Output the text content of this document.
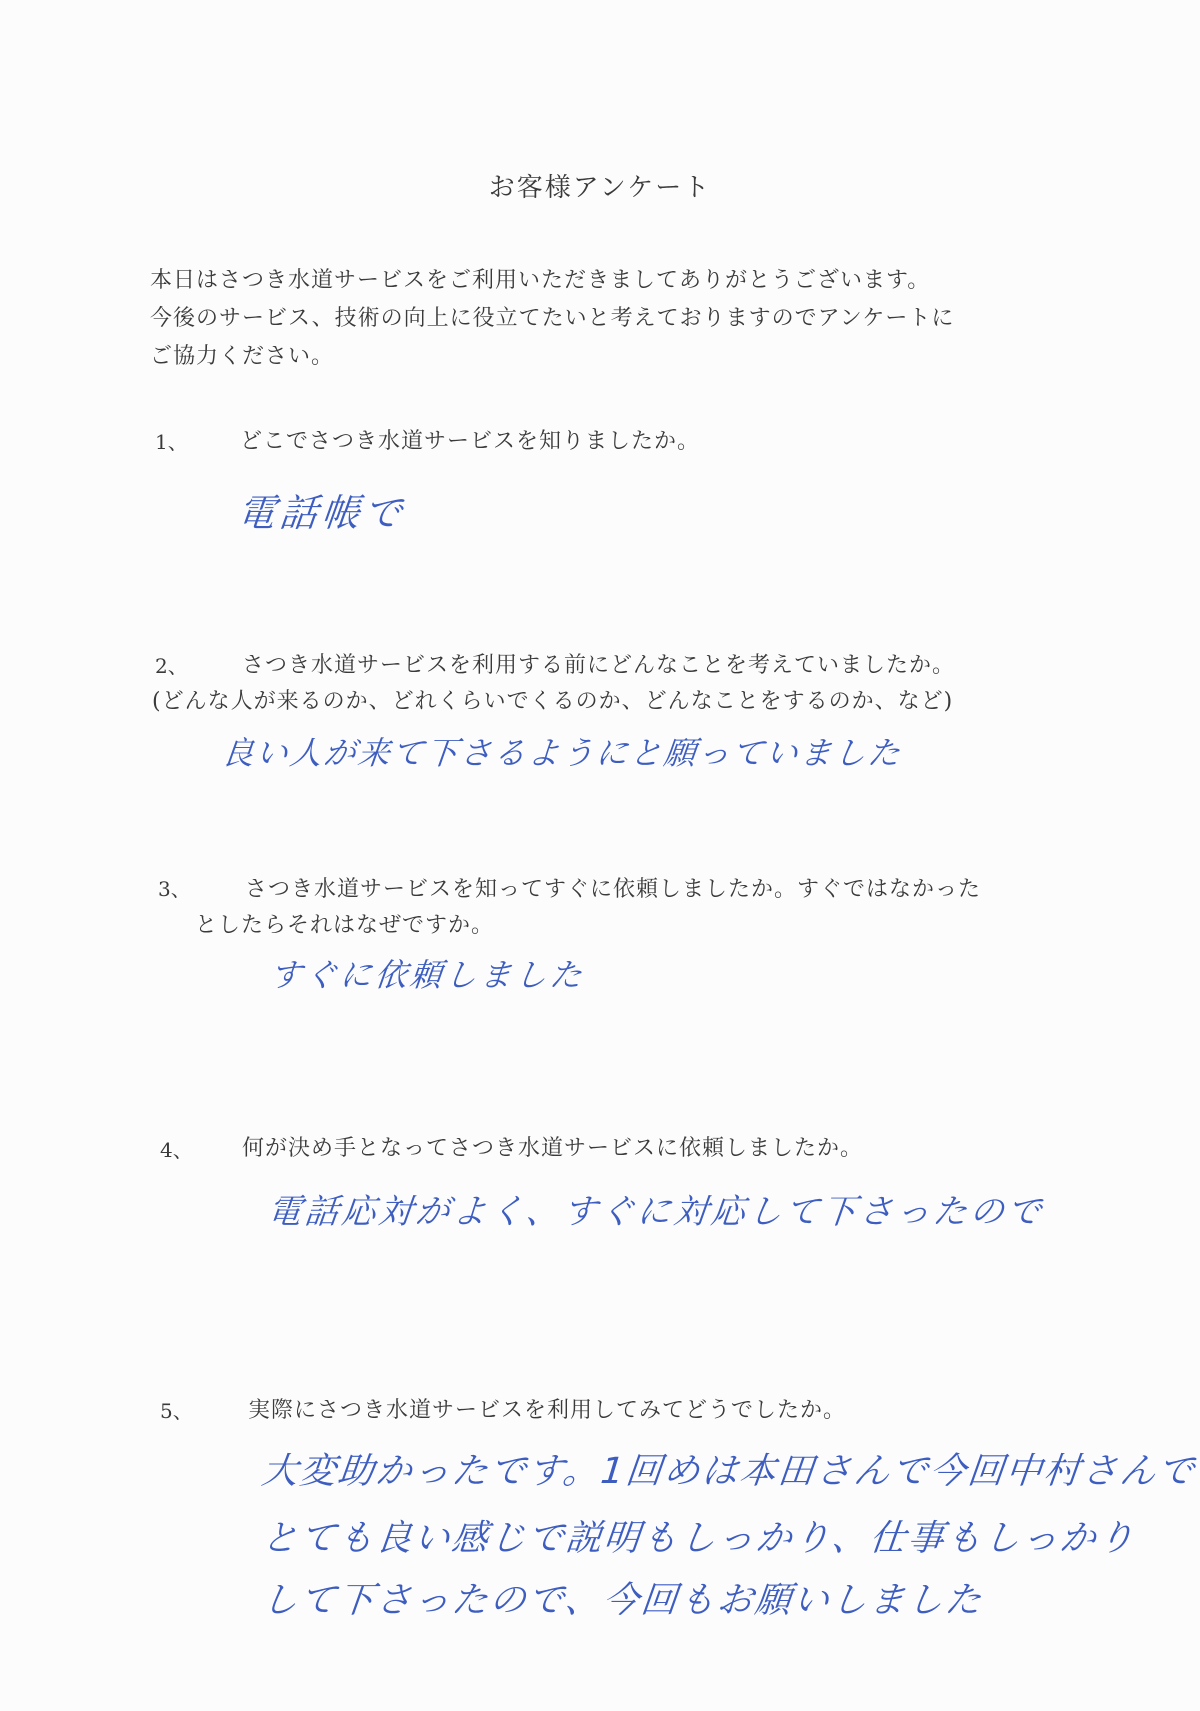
お客様アンケート
本日はさつき水道サービスをご利用いただきましてありがとうございます。
今後のサービス、技術の向上に役立てたいと考えておりますのでアンケートに
ご協力ください。
1、 どこでさつき水道サービスを知りましたか。
電話帳で
2、 さつき水道サービスを利用する前にどんなことを考えていましたか。
(どんな人が来るのか、どれくらいでくるのか、どんなことをするのか、など)
良い人が来て下さるようにと願っていました
3、 さつき水道サービスを知ってすぐに依頼しましたか。すぐではなかった
としたらそれはなぜですか。
すぐに依頼しました
4、 何が決め手となってさつき水道サービスに依頼しましたか。
電話応対がよく、すぐに対応して下さったので
5、	実際にさつき水道サービスを利用してみてどうでしたか。
大変助かったです。1回めは本田さんで今回中村さんで
とても良い感じで説明もしっかり、仕事もしっかり
して下さったので、今回もお願いしました
